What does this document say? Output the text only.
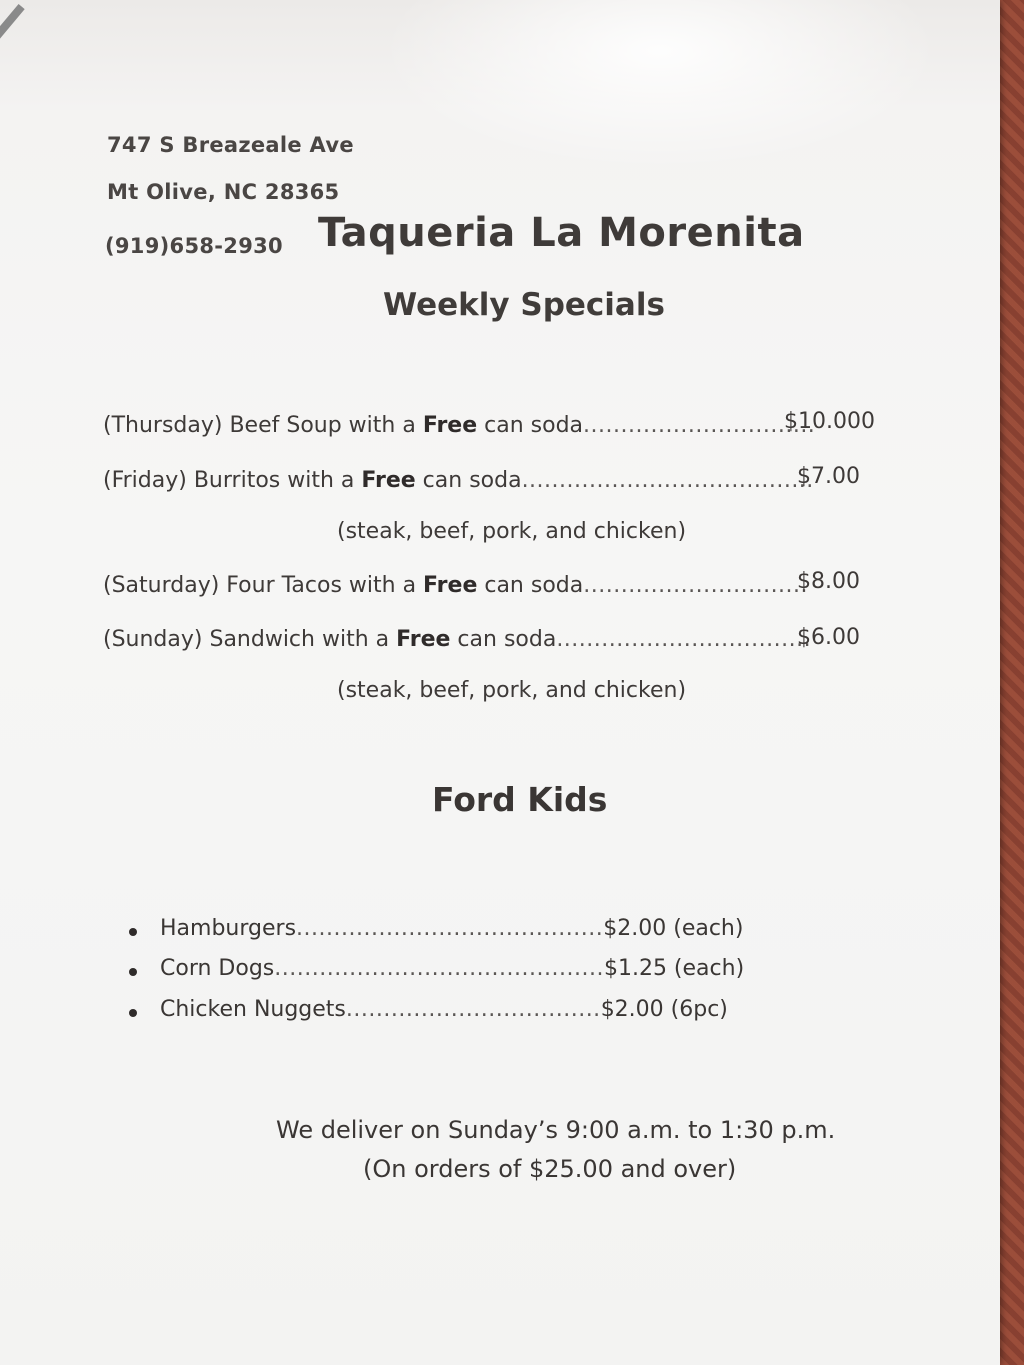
747 S Breazeale Ave
Mt Olive, NC 28365
(919)658-2930 Taqueria La Morenita
Weekly Specials
(Thursday) Beef Soup with a Free can soda...............................
$10.000
(Friday) Burritos with a Free can soda.......................................
$7.00
(steak, beef, pork, and chicken)
(Saturday) Four Tacos with a Free can soda..............................
$8.00
(Sunday) Sandwich with a Free can soda..................................
$6.00
(steak, beef, pork, and chicken)
Ford Kids
Hamburgers.........................................$2.00 (each)
Corn Dogs............................................$1.25 (each)
Chicken Nuggets..................................$2.00 (6pc)
We deliver on Sunday’s 9:00 a.m. to 1:30 p.m.
(On orders of $25.00 and over)
